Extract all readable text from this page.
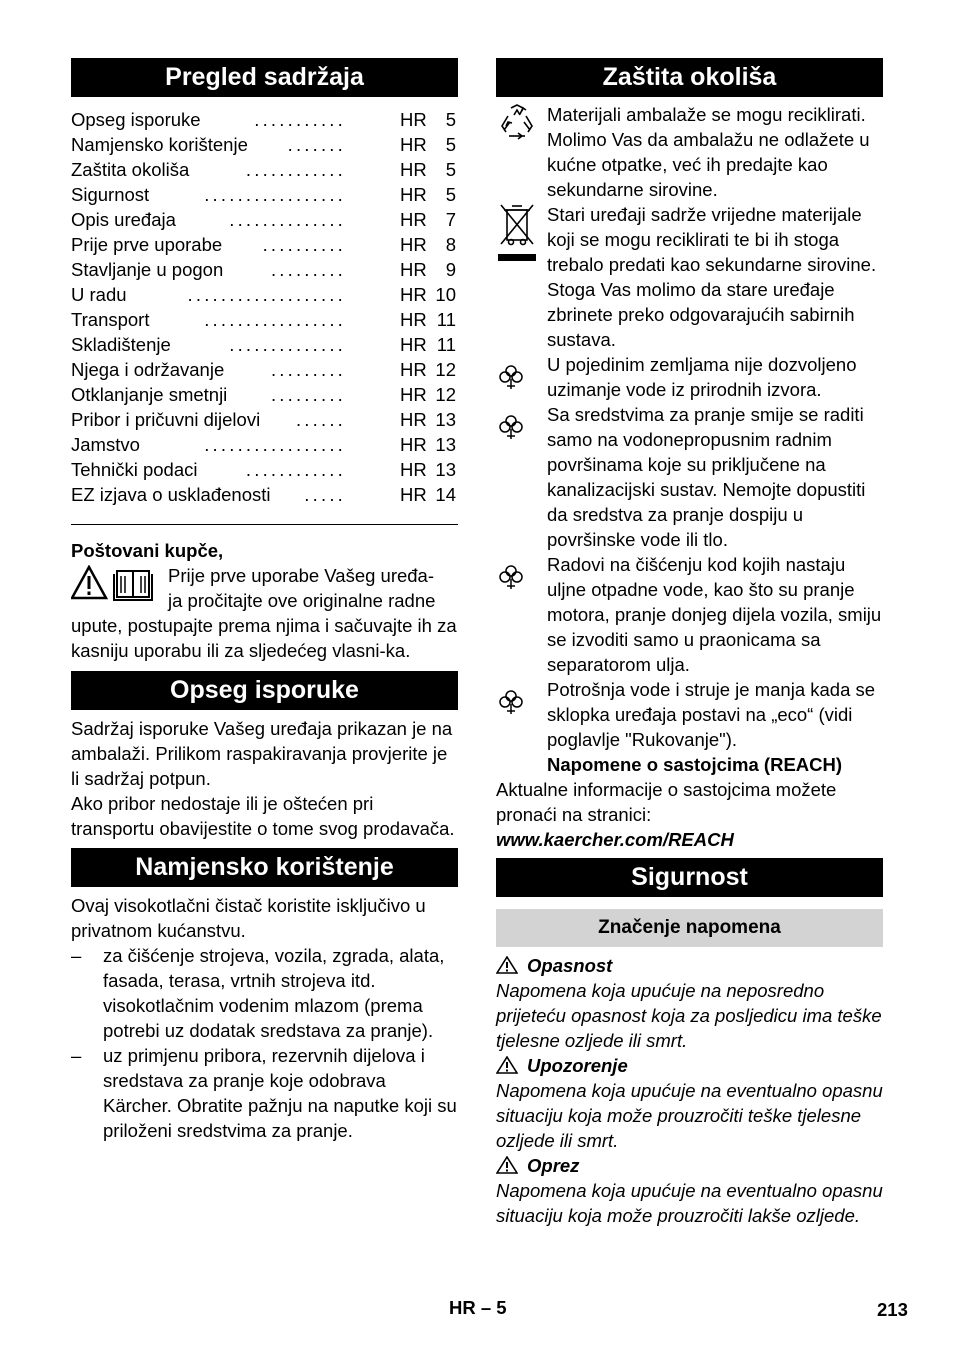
Pregled sadržaja
Opseg isporuke	...........	HR 5
Namjensko korištenje .......	HR 5
Zaštita okoliša	............	HR 5
Sigurnost	.................	HR 5
Opis uređaja	..............	HR 7
Prije prve uporabe ..........	HR 8
Stavljanje u pogon	.........	HR 9
U radu	...................	HR 10
Transport	.................	HR 11
Skladištenje	..............	HR 11
Njega i održavanje	.........	HR 12
Otklanjanje smetnji .........	HR 12
Pribor i pričuvni dijelovi ......	HR 13
Jamstvo	.................	HR 13
Tehnički podaci	............	HR 13
EZ izjava o usklađenosti .....	HR 14
Poštovani kupče,
Prije prve uporabe Vašeg uređa-
ja pročitajte ove originalne radne
upute, postupajte prema njima i sačuvajte ih za kasniju uporabu ili za sljedećeg vlasni-ka.
Opseg isporuke
Sadržaj isporuke Vašeg uređaja prikazan je na ambalaži. Prilikom raspakiravanja provjerite je li sadržaj potpun.
Ako pribor nedostaje ili je oštećen pri transportu obavijestite o tome svog prodavača.
Namjensko korištenje
Ovaj visokotlačni čistač koristite isključivo u privatnom kućanstvu.
–	za čišćenje strojeva, vozila, zgrada, alata, fasada, terasa, vrtnih strojeva itd. visokotlačnim vodenim mlazom (prema potrebi uz dodatak sredstava za pranje).
–	uz primjenu pribora, rezervnih dijelova i sredstava za pranje koje odobrava Kärcher. Obratite pažnju na naputke koji su priloženi sredstvima za pranje.
Zaštita okoliša
Materijali ambalaže se mogu reciklirati. Molimo Vas da ambalažu ne odlažete u kućne otpatke, već ih predajte kao sekundarne sirovine.
Stari uređaji sadrže vrijedne materijale koji se mogu reciklirati te bi ih stoga trebalo predati kao sekundarne sirovine. Stoga Vas molimo da stare uređaje zbrinete preko odgovarajućih sabirnih sustava.
U pojedinim zemljama nije dozvoljeno uzimanje vode iz prirodnih izvora.
Sa sredstvima za pranje smije se raditi samo na vodonepropusnim radnim površinama koje su priključene na kanalizacijski sustav. Nemojte dopustiti da sredstva za pranje dospiju u površinske vode ili tlo.
Radovi na čišćenju kod kojih nastaju uljne otpadne vode, kao što su pranje motora, pranje donjeg dijela vozila, smiju se izvoditi samo u praonicama sa separatorom ulja.
Potrošnja vode i struje je manja kada se sklopka uređaja postavi na „eco“ (vidi poglavlje "Rukovanje").
Napomene o sastojcima (REACH)
Aktualne informacije o sastojcima možete pronaći na stranici:
www.kaercher.com/REACH
Sigurnost
Značenje napomena
Opasnost
Napomena koja upućuje na neposredno prijeteću opasnost koja za posljedicu ima teške tjelesne ozljede ili smrt.
Upozorenje
Napomena koja upućuje na eventualno opasnu situaciju koja može prouzročiti teške tjelesne ozljede ili smrt.
Oprez
Napomena koja upućuje na eventualno opasnu situaciju koja može prouzročiti lakše ozljede.
HR – 5	213
